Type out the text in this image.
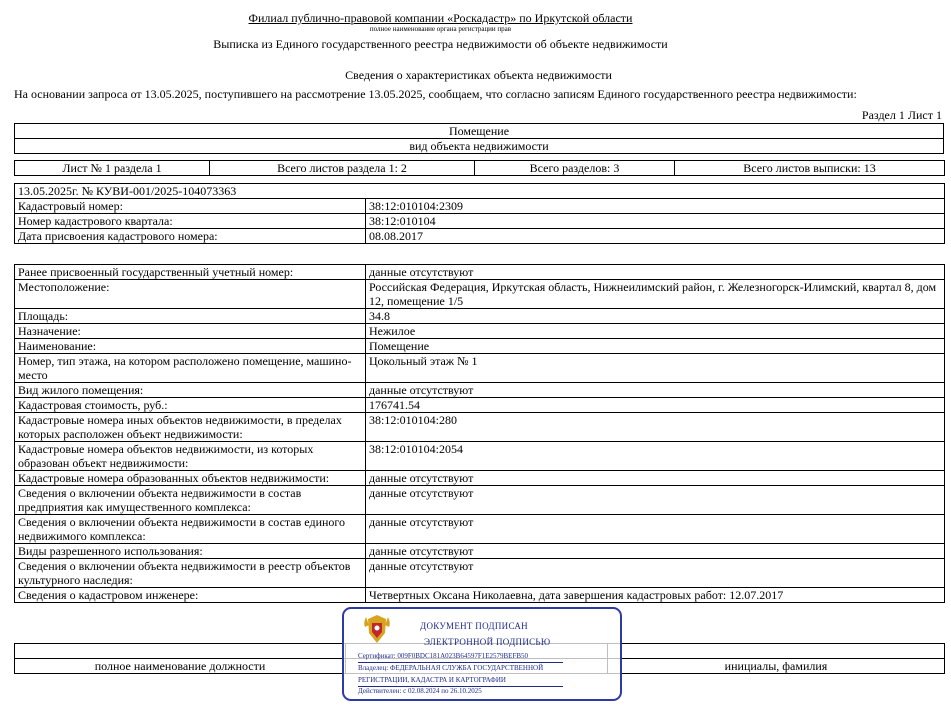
Филиал публично-правовой компании «Роскадастр» по Иркутской области
полное наименование органа регистрации прав
Выписка из Единого государственного реестра недвижимости об объекте недвижимости
Сведения о характеристиках объекта недвижимости
На основании запроса от 13.05.2025, поступившего на рассмотрение 13.05.2025, сообщаем, что согласно записям Единого государственного реестра недвижимости:
Раздел 1 Лист 1
Помещение
вид объекта недвижимости
Лист № 1 раздела 1	Всего листов раздела 1: 2	Всего разделов: 3	Всего листов выписки: 13
13.05.2025г. № КУВИ-001/2025-104073363	
Кадастровый номер:	38:12:010104:2309
Номер кадастрового квартала:	38:12:010104
Дата присвоения кадастрового номера:	08.08.2017
Ранее присвоенный государственный учетный номер:	данные отсутствуют
Местоположение:	Российская Федерация, Иркутская область, Нижнеилимский район, г. Железногорск-Илимский, квартал 8, дом 12, помещение 1/5
Площадь:	34.8
Назначение:	Нежилое
Наименование:	Помещение
Номер, тип этажа, на котором расположено помещение, машино-место	Цокольный этаж № 1
Вид жилого помещения:	данные отсутствуют
Кадастровая стоимость, руб.:	176741.54
Кадастровые номера иных объектов недвижимости, в пределах которых расположен объект недвижимости:	38:12:010104:280
Кадастровые номера объектов недвижимости, из которых образован объект недвижимости:	38:12:010104:2054
Кадастровые номера образованных объектов недвижимости:	данные отсутствуют
Сведения о включении объекта недвижимости в состав предприятия как имущественного комплекса:	данные отсутствуют
Сведения о включении объекта недвижимости в состав единого недвижимого комплекса:	данные отсутствуют
Виды разрешенного использования:	данные отсутствуют
Сведения о включении объекта недвижимости в реестр объектов культурного наследия:	данные отсутствуют
Сведения о кадастровом инженере:	Четвертных Оксана Николаевна, дата завершения кадастровых работ: 12.07.2017

полное наименование должности		инициалы, фамилия
ДОКУМЕНТ ПОДПИСАН
ЭЛЕКТРОННОЙ ПОДПИСЬЮ
Сертификат: 009F0BDC181A023B64597F1E2579BEFB50
Владелец: ФЕДЕРАЛЬНАЯ СЛУЖБА ГОСУДАРСТВЕННОЙ
РЕГИСТРАЦИИ, КАДАСТРА И КАРТОГРАФИИ
Действителен: с 02.08.2024 по 26.10.2025
